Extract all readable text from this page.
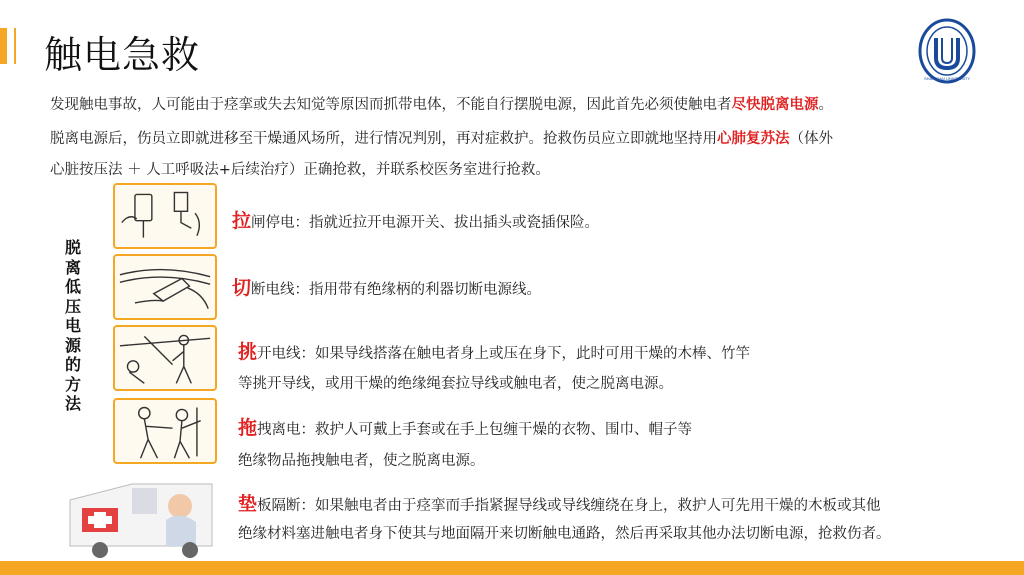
触电急救
SHANGHAI UNIVERSITY
发现触电事故，人可能由于痉挛或失去知觉等原因而抓带电体，不能自行摆脱电源，因此首先必须使触电者尽快脱离电源。
脱离电源后，伤员立即就进移至干燥通风场所，进行情况判别，再对症救护。抢救伤员应立即就地坚持用心肺复苏法（体外
心脏按压法 ＋ 人工呼吸法+后续治疗）正确抢救，并联系校医务室进行抢救。
脱离低压电源的方法
拉闸停电：指就近拉开电源开关、拔出插头或瓷插保险。
切断电线：指用带有绝缘柄的利器切断电源线。
挑开电线：如果导线搭落在触电者身上或压在身下，此时可用干燥的木棒、竹竿
等挑开导线，或用干燥的绝缘绳套拉导线或触电者，使之脱离电源。
拖拽离电：救护人可戴上手套或在手上包缠干燥的衣物、围巾、帽子等
绝缘物品拖拽触电者，使之脱离电源。
垫板隔断：如果触电者由于痉挛而手指紧握导线或导线缠绕在身上，救护人可先用干燥的木板或其他
绝缘材料塞进触电者身下使其与地面隔开来切断触电通路，然后再采取其他办法切断电源，抢救伤者。
